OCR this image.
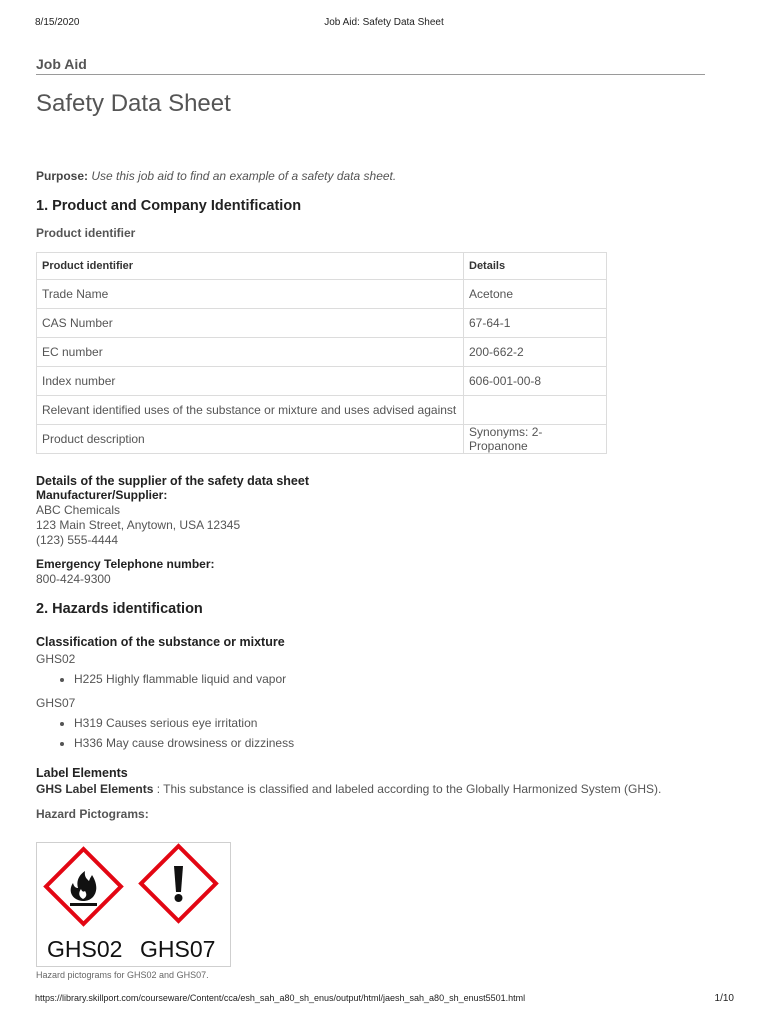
8/15/2020	Job Aid: Safety Data Sheet
Job Aid
Safety Data Sheet
Purpose: Use this job aid to find an example of a safety data sheet.
1. Product and Company Identification
Product identifier
Product identifier	Details
Trade Name	Acetone
CAS Number	67-64-1
EC number	200-662-2
Index number	606-001-00-8
Relevant identified uses of the substance or mixture and uses advised against	
Product description	Synonyms: 2-Propanone
Details of the supplier of the safety data sheet
Manufacturer/Supplier:
ABC Chemicals
123 Main Street, Anytown, USA 12345
(123) 555-4444
Emergency Telephone number:
800-424-9300
2. Hazards identification
Classification of the substance or mixture
GHS02
• H225 Highly flammable liquid and vapor
GHS07
• H319 Causes serious eye irritation
• H336 May cause drowsiness or dizziness
Label Elements
GHS Label Elements : This substance is classified and labeled according to the Globally Harmonized System (GHS).
Hazard Pictograms:
GHS02 GHS07
Hazard pictograms for GHS02 and GHS07.
https://library.skillport.com/courseware/Content/cca/esh_sah_a80_sh_enus/output/html/jaesh_sah_a80_sh_enust5501.html	1/10
